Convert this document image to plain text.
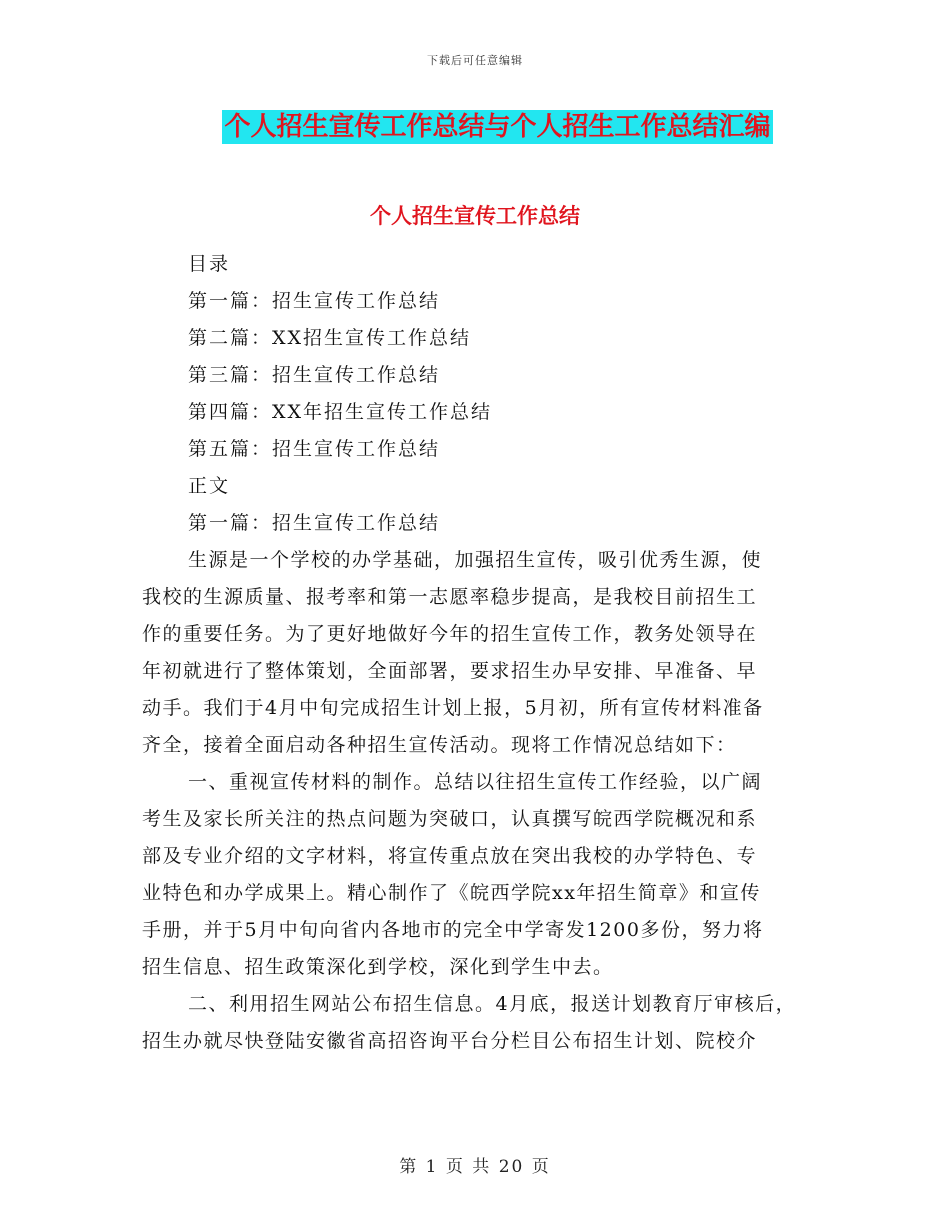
下载后可任意编辑
个人招生宣传工作总结与个人招生工作总结汇编
个人招生宣传工作总结
目录
第一篇：招生宣传工作总结
第二篇：XX招生宣传工作总结
第三篇：招生宣传工作总结
第四篇：XX年招生宣传工作总结
第五篇：招生宣传工作总结
正文
第一篇：招生宣传工作总结
生源是一个学校的办学基础，加强招生宣传，吸引优秀生源，使
我校的生源质量、报考率和第一志愿率稳步提高，是我校目前招生工
作的重要任务。为了更好地做好今年的招生宣传工作，教务处领导在
年初就进行了整体策划，全面部署，要求招生办早安排、早准备、早
动手。我们于4月中旬完成招生计划上报，5月初，所有宣传材料准备
齐全，接着全面启动各种招生宣传活动。现将工作情况总结如下：
一、重视宣传材料的制作。总结以往招生宣传工作经验，以广阔
考生及家长所关注的热点问题为突破口，认真撰写皖西学院概况和系
部及专业介绍的文字材料，将宣传重点放在突出我校的办学特色、专
业特色和办学成果上。精心制作了《皖西学院xx年招生简章》和宣传
手册，并于5月中旬向省内各地市的完全中学寄发1200多份，努力将
招生信息、招生政策深化到学校，深化到学生中去。
二、利用招生网站公布招生信息。4月底，报送计划教育厅审核后，
招生办就尽快登陆安徽省高招咨询平台分栏目公布招生计划、院校介
第 1 页 共 20 页
